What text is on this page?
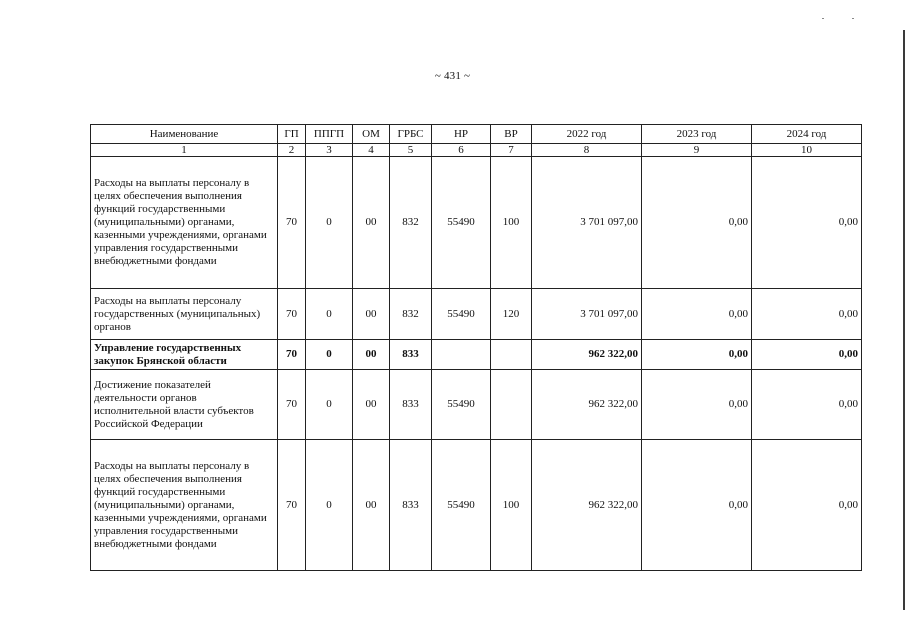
~ 431 ~
Наименование	ГП	ППГП	ОМ	ГРБС	НР	ВР	2022 год	2023 год	2024 год
1	2	3	4	5	6	7	8	9	10
Расходы на выплаты персоналу в целях обеспечения выполнения функций государственными (муниципальными) органами, казенными учреждениями, органами управления государственными внебюджетными фондами	70	0	00	832	55490	100	3 701 097,00	0,00	0,00
Расходы на выплаты персоналу государственных (муниципальных) органов	70	0	00	832	55490	120	3 701 097,00	0,00	0,00
Управление государственных закупок Брянской области	70	0	00	833			962 322,00	0,00	0,00
Достижение показателей деятельности органов исполнительной власти субъектов Российской Федерации	70	0	00	833	55490		962 322,00	0,00	0,00
Расходы на выплаты персоналу в целях обеспечения выполнения функций государственными (муниципальными) органами, казенными учреждениями, органами управления государственными внебюджетными фондами	70	0	00	833	55490	100	962 322,00	0,00	0,00
